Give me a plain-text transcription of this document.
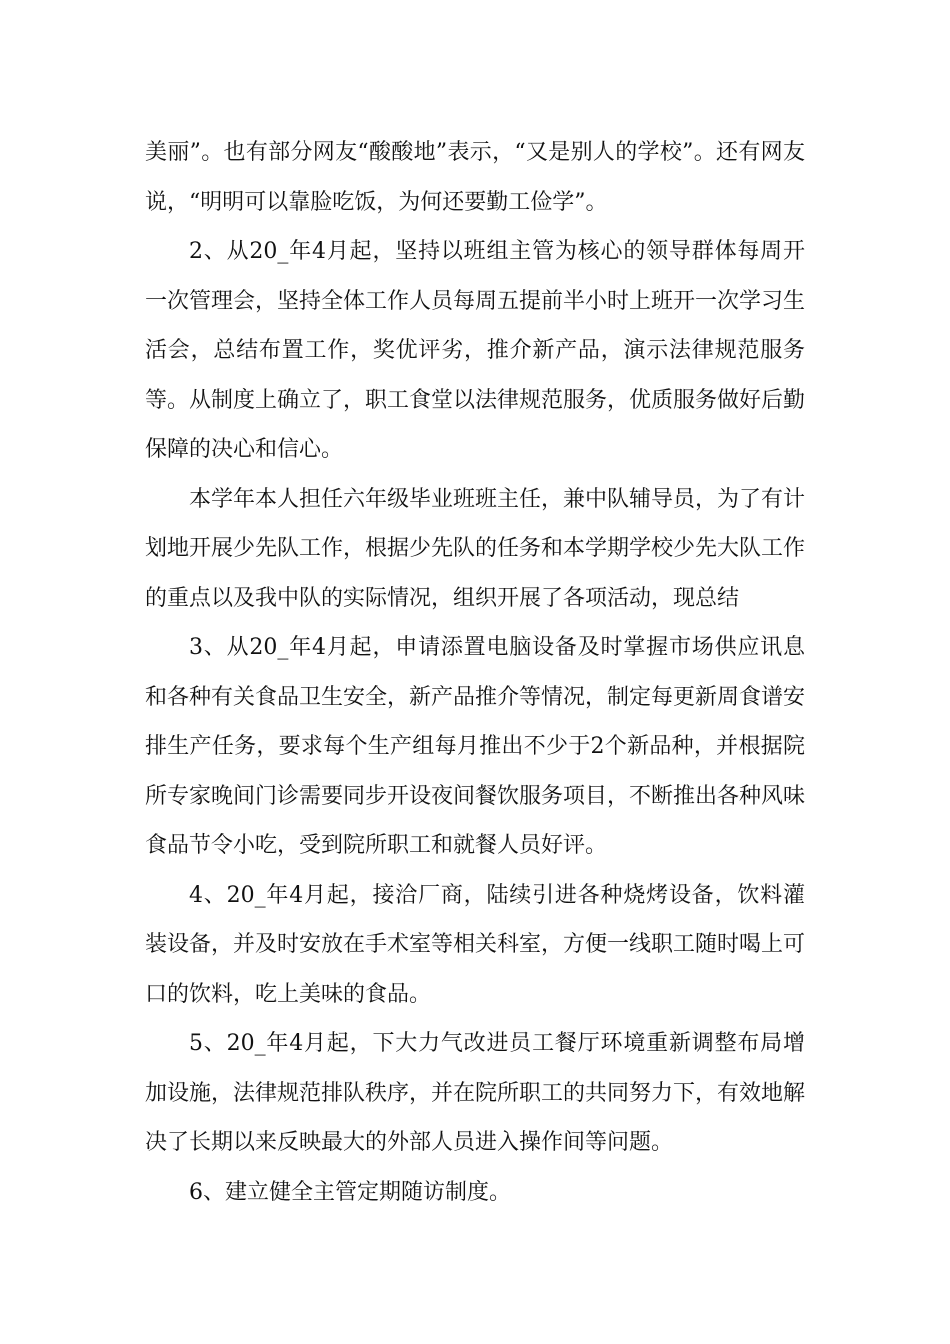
美丽”。也有部分网友“酸酸地”表示，“又是别人的学校”。还有网友说，“明明可以靠脸吃饭，为何还要勤工俭学”。

2、从20_年4月起，坚持以班组主管为核心的领导群体每周开一次管理会，坚持全体工作人员每周五提前半小时上班开一次学习生活会，总结布置工作，奖优评劣，推介新产品，演示法律规范服务等。从制度上确立了，职工食堂以法律规范服务，优质服务做好后勤保障的决心和信心。

本学年本人担任六年级毕业班班主任，兼中队辅导员，为了有计划地开展少先队工作，根据少先队的任务和本学期学校少先大队工作的重点以及我中队的实际情况，组织开展了各项活动，现总结

3、从20_年4月起，申请添置电脑设备及时掌握市场供应讯息和各种有关食品卫生安全，新产品推介等情况，制定每更新周食谱安排生产任务，要求每个生产组每月推出不少于2个新品种，并根据院所专家晚间门诊需要同步开设夜间餐饮服务项目，不断推出各种风味食品节令小吃，受到院所职工和就餐人员好评。

4、20_年4月起，接洽厂商，陆续引进各种烧烤设备，饮料灌装设备，并及时安放在手术室等相关科室，方便一线职工随时喝上可口的饮料，吃上美味的食品。

5、20_年4月起，下大力气改进员工餐厅环境重新调整布局增加设施，法律规范排队秩序，并在院所职工的共同努力下，有效地解决了长期以来反映最大的外部人员进入操作间等问题。

6、建立健全主管定期随访制度。
